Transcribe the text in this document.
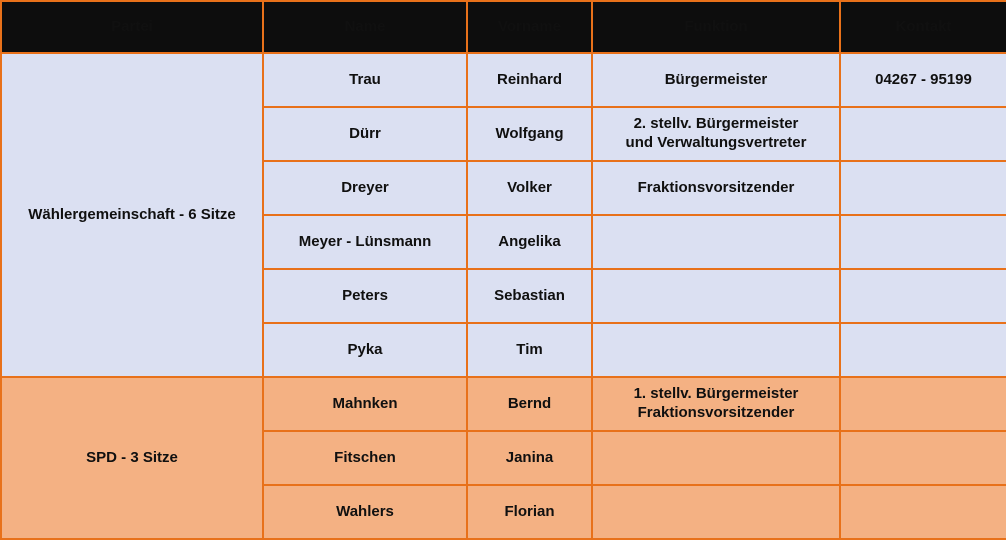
Partei	Name	Vorname	Funktion	Kontakt
Wählergemeinschaft - 6 Sitze	Trau	Reinhard	Bürgermeister	04267 - 95199
	Dürr	Wolfgang	2. stellv. Bürgermeister
und Verwaltungsvertreter	

	Dreyer	Volker	Fraktionsvorsitzender	
	Meyer - Lünsmann	Angelika		
	Peters	Sebastian		
	Pyka	Tim		
SPD - 3 Sitze	Mahnken	Bernd	1. stellv. Bürgermeister
Fraktionsvorsitzender	

	Fitschen	Janina		
	Wahlers	Florian		
